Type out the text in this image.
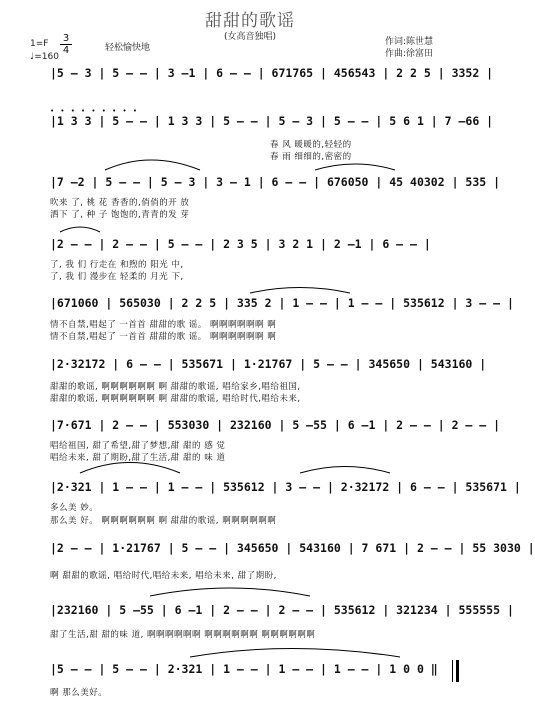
甜甜的歌谣
(女高音独唱)
1=F 3
4
♩=160
轻松愉快地
作词:陈世慧
作曲:徐富田
|5 – 3 | 5 – – | 3 –1 | 6 – – | 671765 | 456543 | 2 2 5 | 3352 |
• • • • • • • • •
|1 3 3 | 5 – – | 1 3 3 | 5 – – | 5 – 3 | 5 – – | 5 6 1 | 7 –66 |
春 风 暖暖的,轻轻的
春 雨 细细的,密密的
|7 –2 | 5 – – | 5 – 3 | 3 – 1 | 6 – – | 676050 | 45 40302 | 535 |
吹来 了, 桃 花 香香的,俏俏的开 放
洒下 了, 种 子 饱饱的,青青的发 芽
|2 – – | 2 – – | 5 – – | 2 3 5 | 3 2 1 | 2 –1 | 6 – – |
了, 我 们 行走在 和煦的 阳光 中,
了, 我 们 漫步在 轻柔的 月光 下,
|671060 | 565030 | 2 2 5 | 335 2 | 1 – – | 1 – – | 535612 | 3 – – |
情不自禁,唱起了 一首首 甜甜的歌 谣。 啊啊啊啊啊啊 啊
情不自禁,唱起了 一首首 甜甜的歌 谣。 啊啊啊啊啊啊 啊
|2·32172 | 6 – – | 535671 | 1·21767 | 5 – – | 345650 | 543160 |
甜甜的歌谣, 啊啊啊啊啊啊 啊 甜甜的歌谣, 唱给家乡,唱给祖国,
甜甜的歌谣, 啊啊啊啊啊啊 啊 甜甜的歌谣, 唱给时代,唱给未来,
|7·671 | 2 – – | 553030 | 232160 | 5 –55 | 6 –1 | 2 – – | 2 – – |
唱给祖国, 甜了希望,甜了梦想,甜 甜的 感 觉
唱给未来, 甜了期盼,甜了生活,甜 甜的 味 道
|2·321 | 1 – – | 1 – – | 535612 | 3 – – | 2·32172 | 6 – – | 535671 |
多么美 妙。
那么美 好。 啊啊啊啊啊啊 啊 甜甜的歌谣, 啊啊啊啊啊啊
|2 – – | 1·21767 | 5 – – | 345650 | 543160 | 7 671 | 2 – – | 55 3030 |
啊 甜甜的歌谣, 唱给时代,唱给未来, 唱给未来, 甜了期盼,
|232160 | 5 –55 | 6 –1 | 2 – – | 2 – – | 535612 | 321234 | 555555 |
甜了生活,甜 甜的味 道, 啊啊啊啊啊啊 啊啊啊啊啊啊 啊啊啊啊啊啊
|5 – – | 5 – – | 2·321 | 1 – – | 1 – – | 1 – – | 1 0 0 ‖
啊 那么美好。
